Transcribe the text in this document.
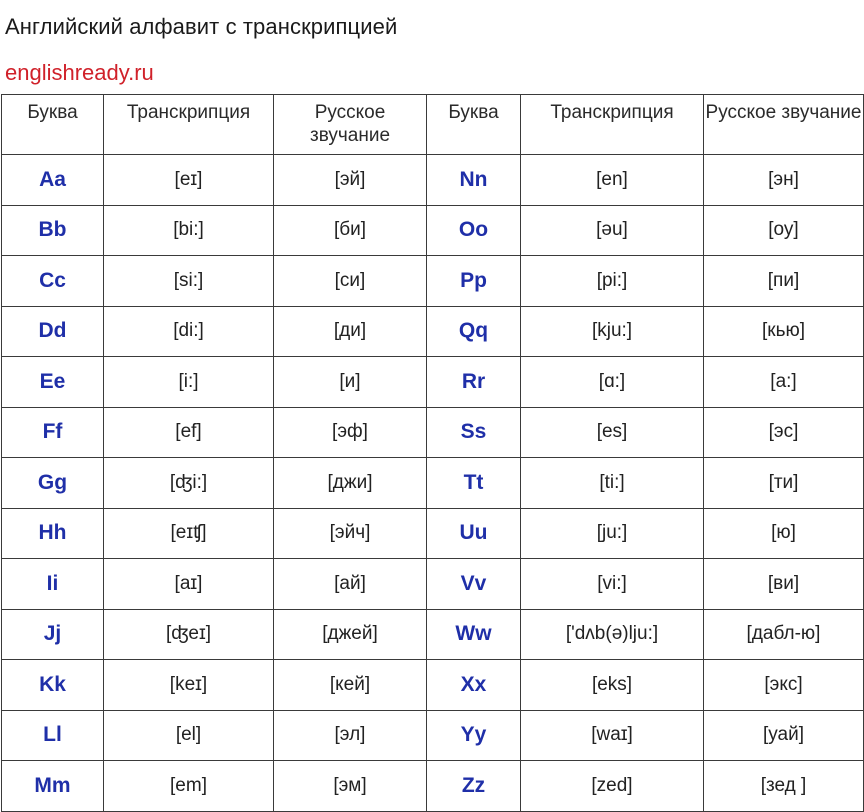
Английский алфавит с транскрипцией
englishready.ru
Буква	Транскрипция	Русское звучание	Буква	Транскрипция	Русское звучание
Aa	[eɪ]	[эй]	Nn	[en]	[эн]
Bb	[bi:]	[би]	Oo	[əu]	[оу]
Cc	[si:]	[си]	Pp	[pi:]	[пи]
Dd	[di:]	[ди]	Qq	[kju:]	[кью]
Ee	[i:]	[и]	Rr	[ɑ:]	[а:]
Ff	[ef]	[эф]	Ss	[es]	[эс]
Gg	[ʤi:]	[джи]	Tt	[ti:]	[ти]
Hh	[eɪʧ]	[эйч]	Uu	[ju:]	[ю]
Ii	[aɪ]	[ай]	Vv	[vi:]	[ви]
Jj	[ʤeɪ]	[джей]	Ww	['dʌb(ə)lju:]	[дабл-ю]
Kk	[keɪ]	[кей]	Xx	[eks]	[экс]
Ll	[el]	[эл]	Yy	[waɪ]	[уай]
Mm	[em]	[эм]	Zz	[zed]	[зед ]
